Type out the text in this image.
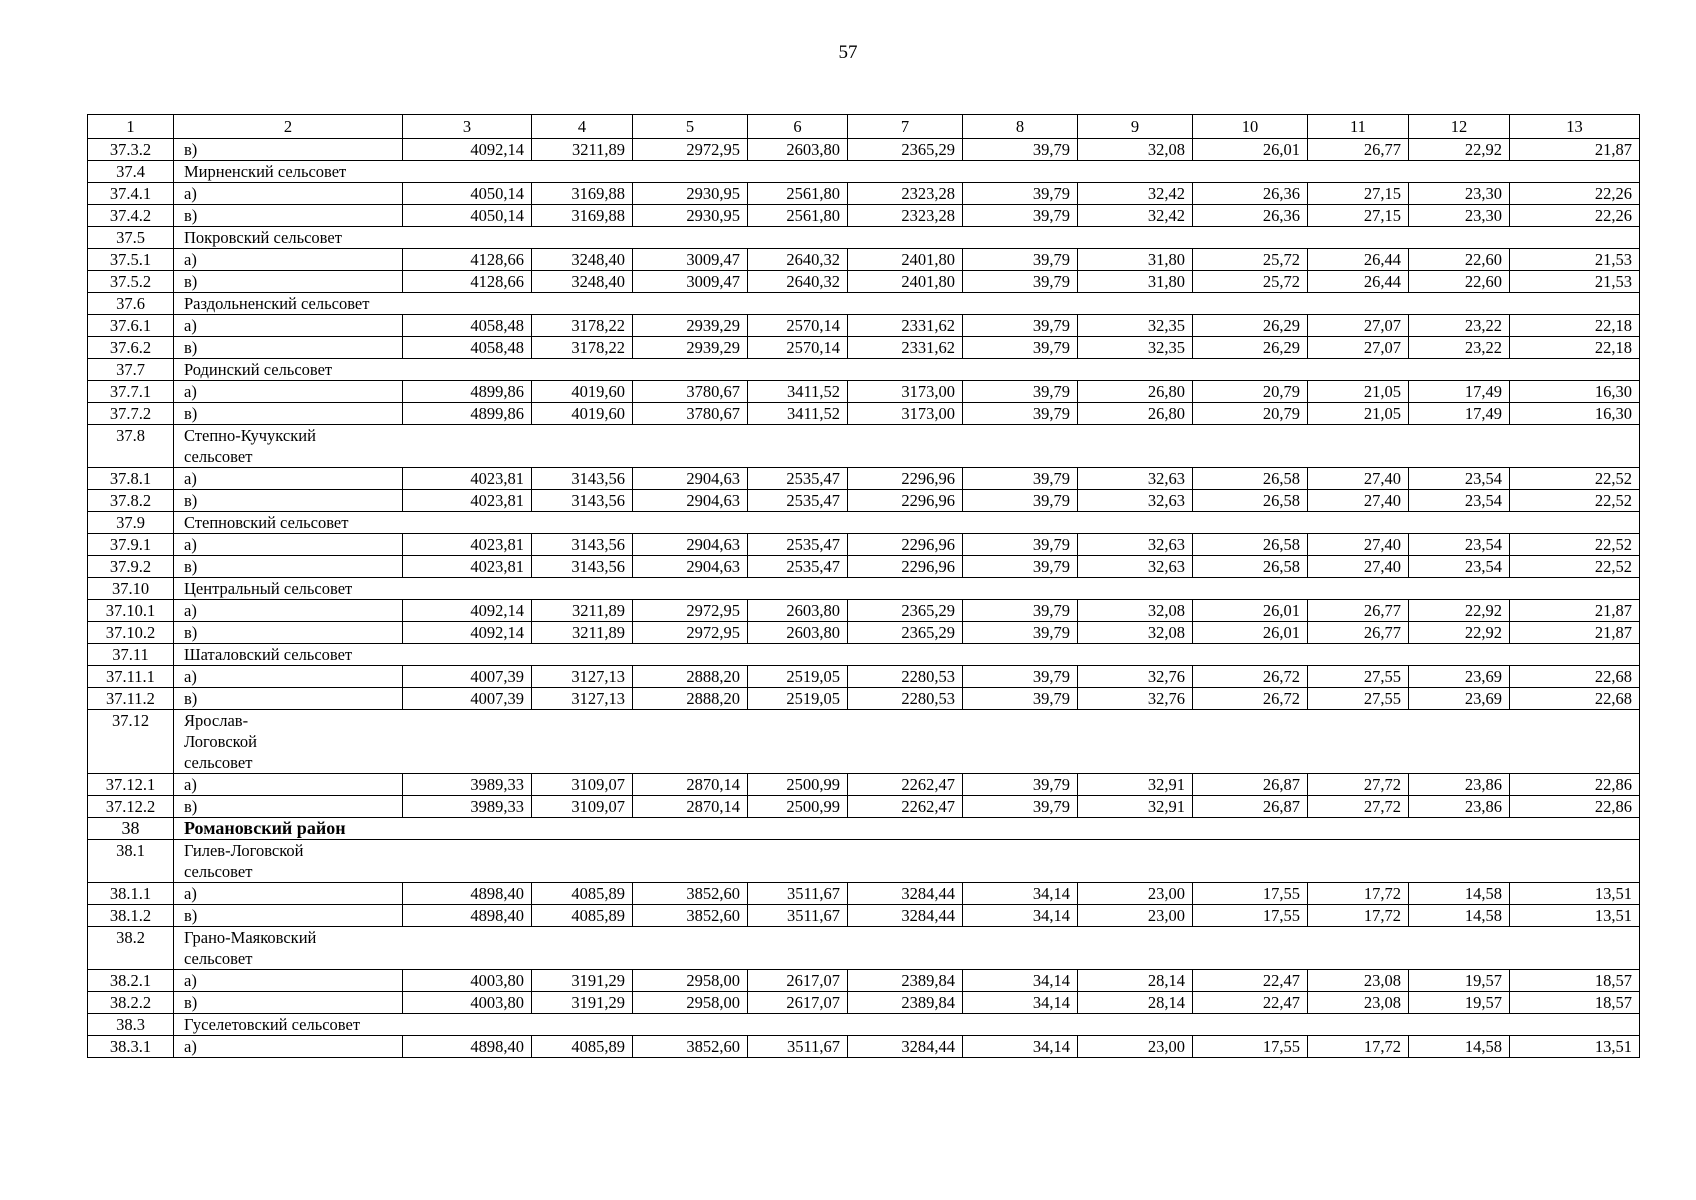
57
1	2	3	4	5	6	7	8	9	10	11	12	13
37.3.2	в)	4092,14	3211,89	2972,95	2603,80	2365,29	39,79	32,08	26,01	26,77	22,92	21,87
37.4	Мирненский сельсовет											
37.4.1	а)	4050,14	3169,88	2930,95	2561,80	2323,28	39,79	32,42	26,36	27,15	23,30	22,26
37.4.2	в)	4050,14	3169,88	2930,95	2561,80	2323,28	39,79	32,42	26,36	27,15	23,30	22,26
37.5	Покровский сельсовет											
37.5.1	а)	4128,66	3248,40	3009,47	2640,32	2401,80	39,79	31,80	25,72	26,44	22,60	21,53
37.5.2	в)	4128,66	3248,40	3009,47	2640,32	2401,80	39,79	31,80	25,72	26,44	22,60	21,53
37.6	Раздольненский сельсовет											
37.6.1	а)	4058,48	3178,22	2939,29	2570,14	2331,62	39,79	32,35	26,29	27,07	23,22	22,18
37.6.2	в)	4058,48	3178,22	2939,29	2570,14	2331,62	39,79	32,35	26,29	27,07	23,22	22,18
37.7	Родинский сельсовет											
37.7.1	а)	4899,86	4019,60	3780,67	3411,52	3173,00	39,79	26,80	20,79	21,05	17,49	16,30
37.7.2	в)	4899,86	4019,60	3780,67	3411,52	3173,00	39,79	26,80	20,79	21,05	17,49	16,30
37.8	Степно-Кучукский сельсовет											
37.8.1	а)	4023,81	3143,56	2904,63	2535,47	2296,96	39,79	32,63	26,58	27,40	23,54	22,52
37.8.2	в)	4023,81	3143,56	2904,63	2535,47	2296,96	39,79	32,63	26,58	27,40	23,54	22,52
37.9	Степновский сельсовет											
37.9.1	а)	4023,81	3143,56	2904,63	2535,47	2296,96	39,79	32,63	26,58	27,40	23,54	22,52
37.9.2	в)	4023,81	3143,56	2904,63	2535,47	2296,96	39,79	32,63	26,58	27,40	23,54	22,52
37.10	Центральный сельсовет											
37.10.1	а)	4092,14	3211,89	2972,95	2603,80	2365,29	39,79	32,08	26,01	26,77	22,92	21,87
37.10.2	в)	4092,14	3211,89	2972,95	2603,80	2365,29	39,79	32,08	26,01	26,77	22,92	21,87
37.11	Шаталовский сельсовет											
37.11.1	а)	4007,39	3127,13	2888,20	2519,05	2280,53	39,79	32,76	26,72	27,55	23,69	22,68
37.11.2	в)	4007,39	3127,13	2888,20	2519,05	2280,53	39,79	32,76	26,72	27,55	23,69	22,68
37.12	Ярослав-Логовской сельсовет											
37.12.1	а)	3989,33	3109,07	2870,14	2500,99	2262,47	39,79	32,91	26,87	27,72	23,86	22,86
37.12.2	в)	3989,33	3109,07	2870,14	2500,99	2262,47	39,79	32,91	26,87	27,72	23,86	22,86
38	Романовский район											
38.1	Гилев-Логовской сельсовет											
38.1.1	а)	4898,40	4085,89	3852,60	3511,67	3284,44	34,14	23,00	17,55	17,72	14,58	13,51
38.1.2	в)	4898,40	4085,89	3852,60	3511,67	3284,44	34,14	23,00	17,55	17,72	14,58	13,51
38.2	Грано-Маяковский сельсовет											
38.2.1	а)	4003,80	3191,29	2958,00	2617,07	2389,84	34,14	28,14	22,47	23,08	19,57	18,57
38.2.2	в)	4003,80	3191,29	2958,00	2617,07	2389,84	34,14	28,14	22,47	23,08	19,57	18,57
38.3	Гуселетовский сельсовет											
38.3.1	а)	4898,40	4085,89	3852,60	3511,67	3284,44	34,14	23,00	17,55	17,72	14,58	13,51
